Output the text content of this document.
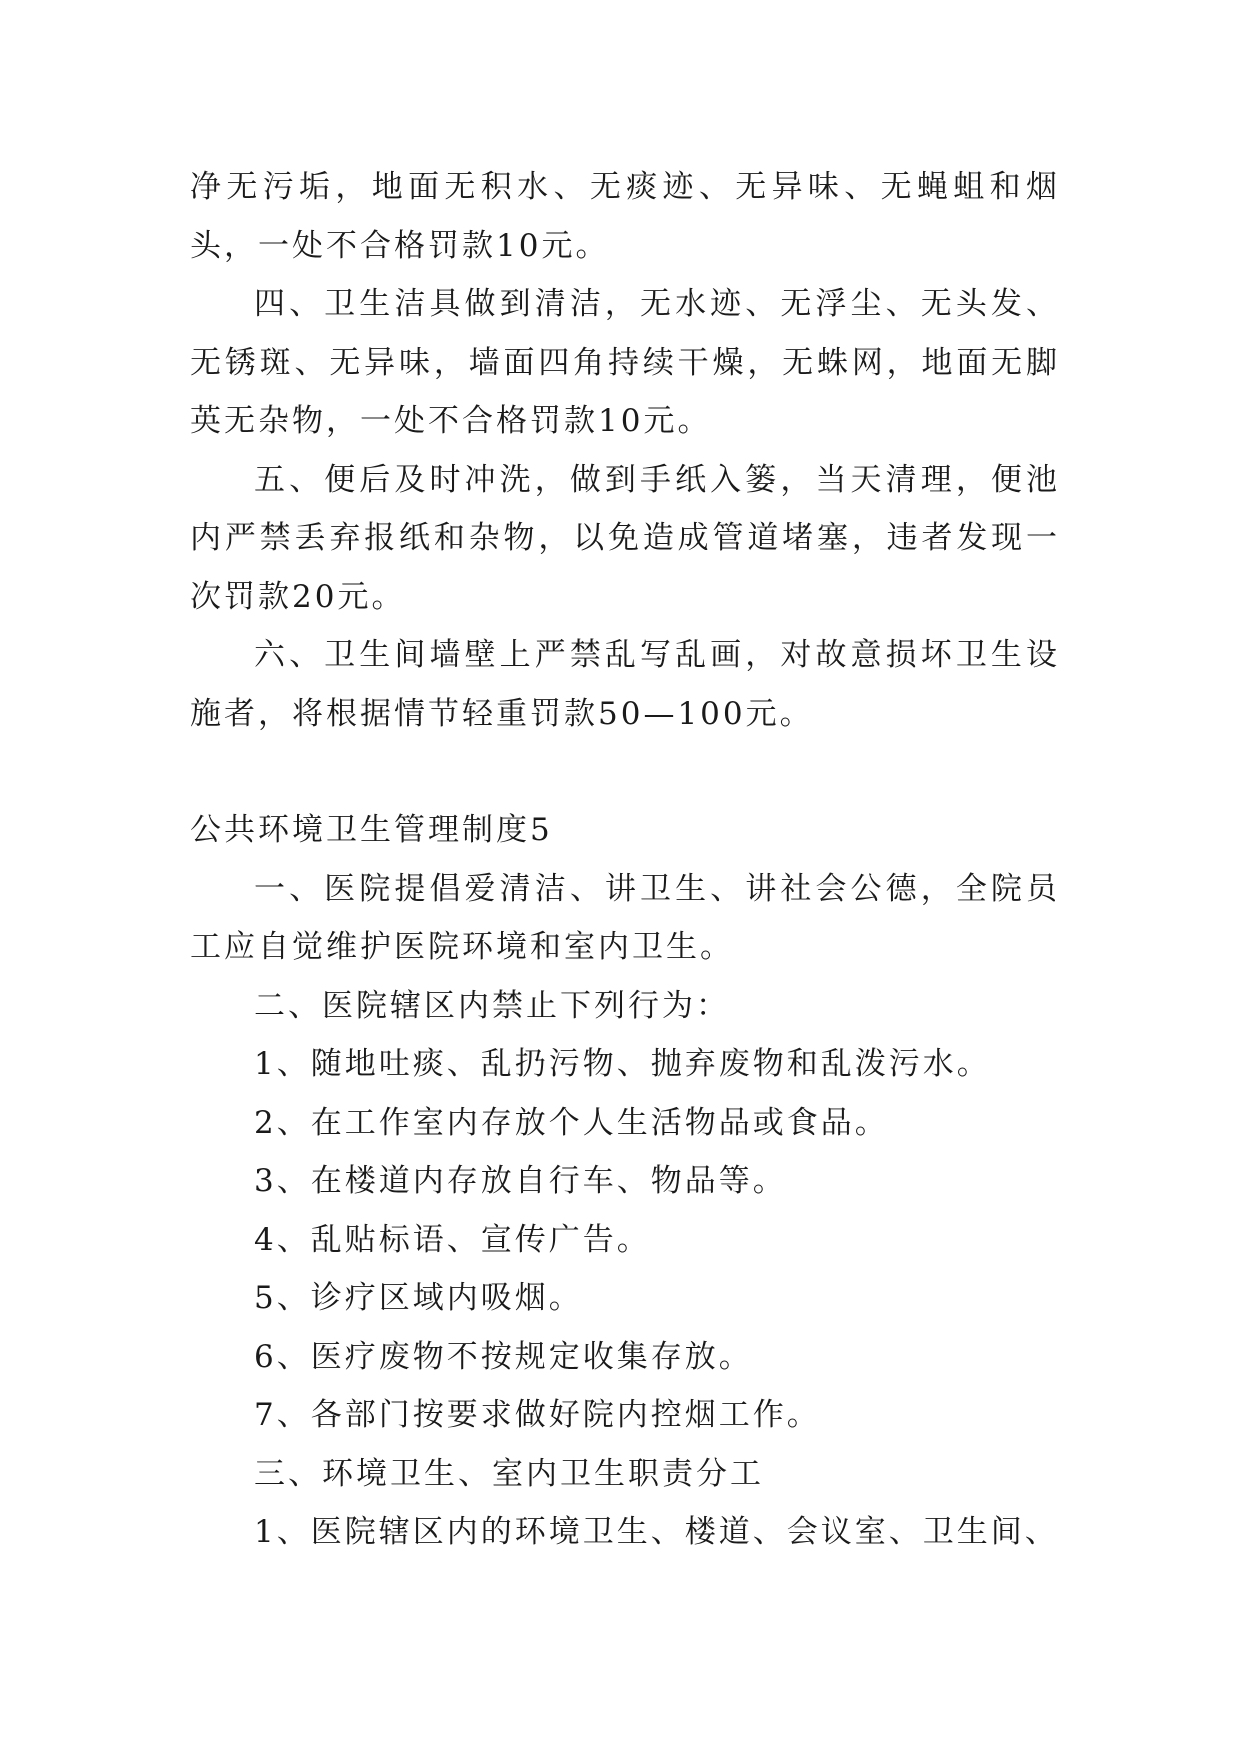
净无污垢，地面无积水、无痰迹、无异味、无蝇蛆和烟头，一处不合格罚款10元。

四、卫生洁具做到清洁，无水迹、无浮尘、无头发、无锈斑、无异味，墙面四角持续干燥，无蛛网，地面无脚英无杂物，一处不合格罚款10元。

五、便后及时冲洗，做到手纸入篓，当天清理，便池内严禁丢弃报纸和杂物，以免造成管道堵塞，违者发现一次罚款20元。

六、卫生间墙壁上严禁乱写乱画，对故意损坏卫生设施者，将根据情节轻重罚款50—100元。

公共环境卫生管理制度5

一、医院提倡爱清洁、讲卫生、讲社会公德，全院员工应自觉维护医院环境和室内卫生。

二、医院辖区内禁止下列行为：

1、随地吐痰、乱扔污物、抛弃废物和乱泼污水。

2、在工作室内存放个人生活物品或食品。

3、在楼道内存放自行车、物品等。

4、乱贴标语、宣传广告。

5、诊疗区域内吸烟。

6、医疗废物不按规定收集存放。

7、各部门按要求做好院内控烟工作。

三、环境卫生、室内卫生职责分工

1、医院辖区内的环境卫生、楼道、会议室、卫生间、
